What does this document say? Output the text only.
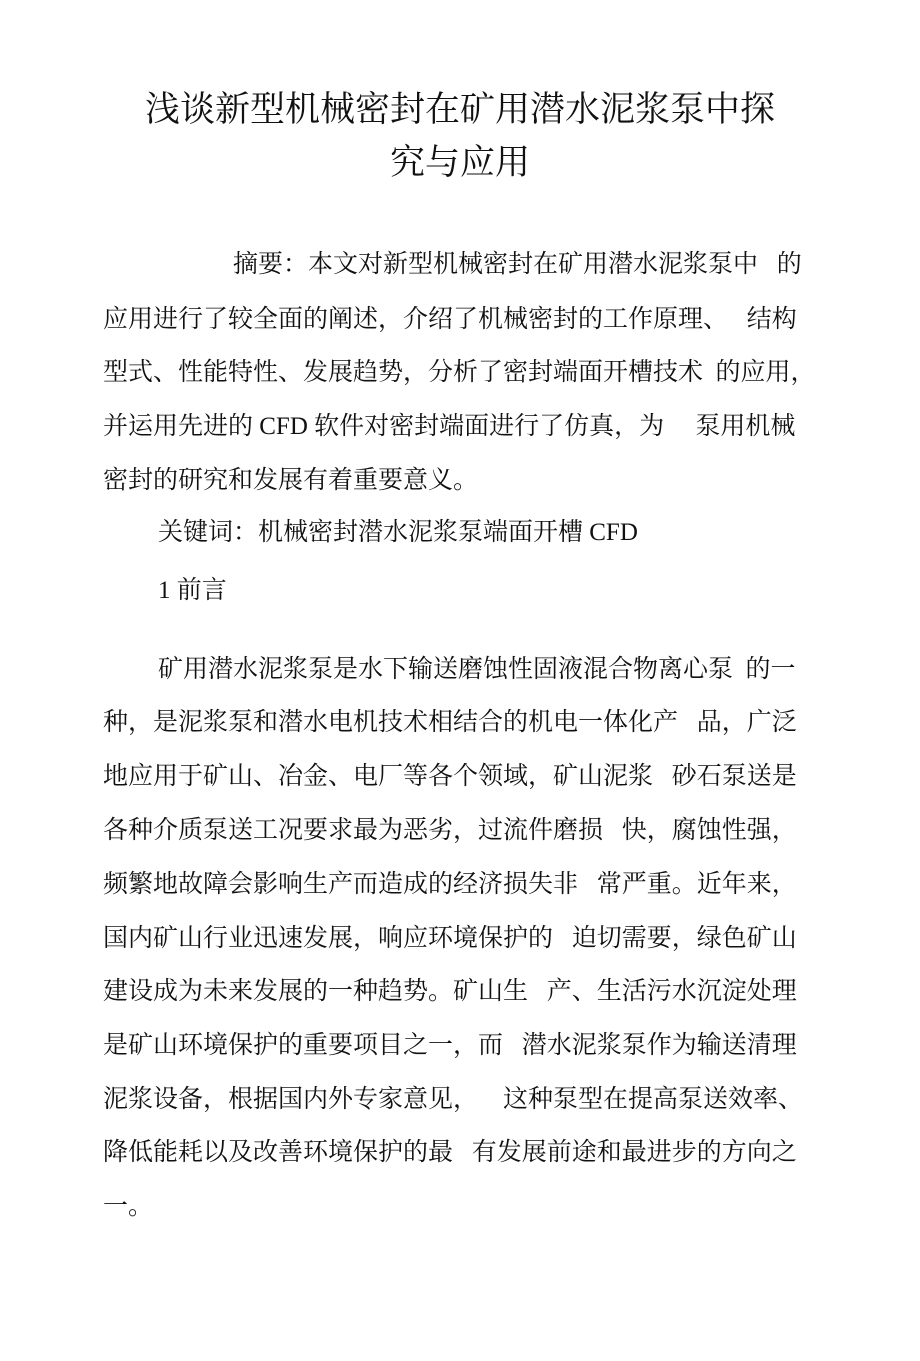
浅谈新型机械密封在矿用潜水泥浆泵中探
究与应用
摘要：本文对新型机械密封在矿用潜水泥浆泵中   的
应用进行了较全面的阐述，介绍了机械密封的工作原理、   结构
型式、性能特性、发展趋势，分析了密封端面开槽技术  的应用，
并运用先进的 CFD 软件对密封端面进行了仿真，为     泵用机械
密封的研究和发展有着重要意义。
关键词：机械密封潜水泥浆泵端面开槽 CFD
1 前言
矿用潜水泥浆泵是水下输送磨蚀性固液混合物离心泵  的一
种，是泥浆泵和潜水电机技术相结合的机电一体化产   品，广泛
地应用于矿山、冶金、电厂等各个领域，矿山泥浆   砂石泵送是
各种介质泵送工况要求最为恶劣，过流件磨损   快，腐蚀性强，
频繁地故障会影响生产而造成的经济损失非   常严重。近年来，
国内矿山行业迅速发展，响应环境保护的   迫切需要，绿色矿山
建设成为未来发展的一种趋势。矿山生   产、生活污水沉淀处理
是矿山环境保护的重要项目之一，而   潜水泥浆泵作为输送清理
泥浆设备，根据国内外专家意见，    这种泵型在提高泵送效率、
降低能耗以及改善环境保护的最   有发展前途和最进步的方向之
一。
